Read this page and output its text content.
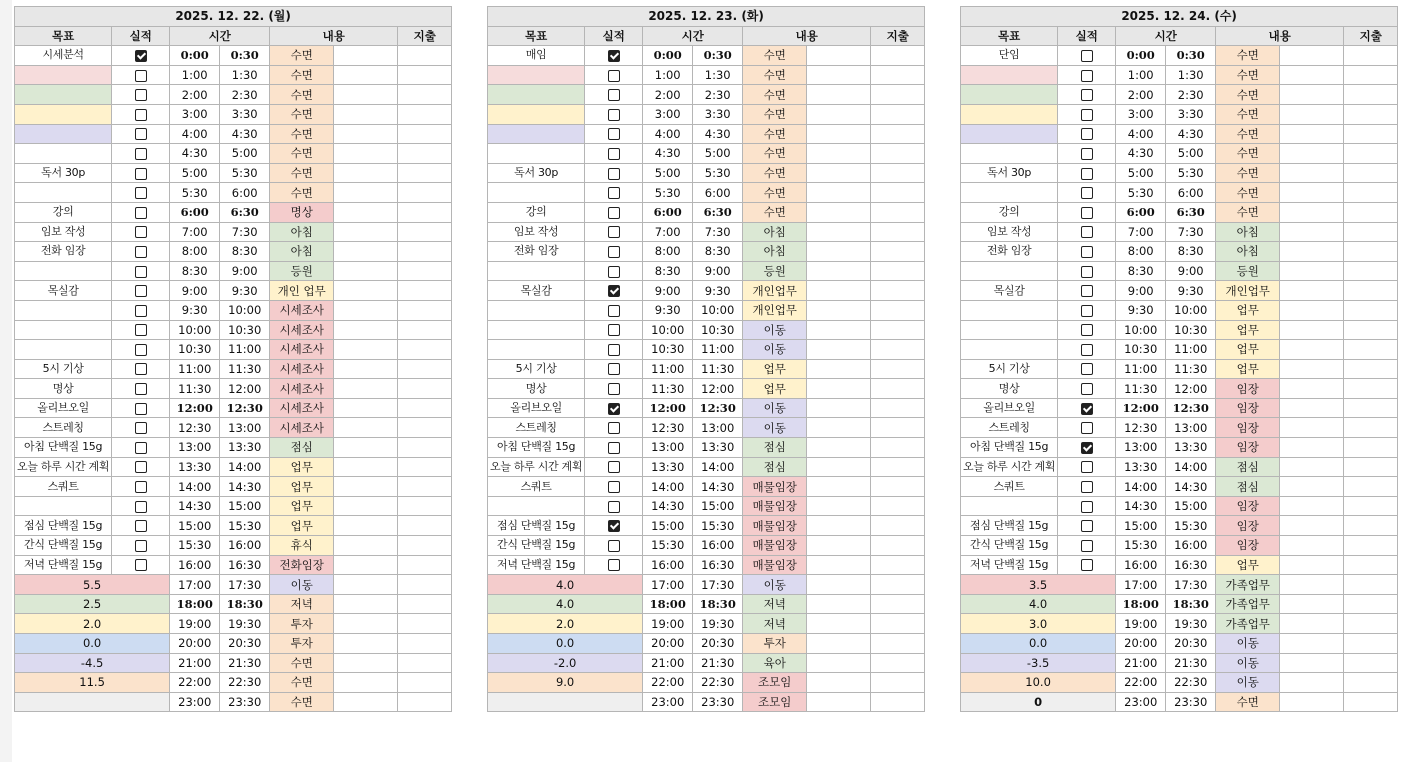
2025. 12. 22. (월)						
목표	실적	시간		내용		지출
시세분석		0:00	0:30	수면		
		1:00	1:30	수면		
		2:00	2:30	수면		
		3:00	3:30	수면		
		4:00	4:30	수면		
		4:30	5:00	수면		
독서 30p		5:00	5:30	수면		
		5:30	6:00	수면		
강의		6:00	6:30	명상		
임보 작성		7:00	7:30	아침		
전화 임장		8:00	8:30	아침		
		8:30	9:00	등원		
목실감		9:00	9:30	개인 업무		
		9:30	10:00	시세조사		
		10:00	10:30	시세조사		
		10:30	11:00	시세조사		
5시 기상		11:00	11:30	시세조사		
명상		11:30	12:00	시세조사		
올리브오일		12:00	12:30	시세조사		
스트레칭		12:30	13:00	시세조사		
아침 단백질 15g		13:00	13:30	점심		
오늘 하루 시간 계획		13:30	14:00	업무		
스쿼트		14:00	14:30	업무		
		14:30	15:00	업무		
점심 단백질 15g		15:00	15:30	업무		
간식 단백질 15g		15:30	16:00	휴식		
저녁 단백질 15g		16:00	16:30	전화임장		
5.5		17:00	17:30	이동		
2.5		18:00	18:30	저녁		
2.0		19:00	19:30	투자		
0.0		20:00	20:30	투자		
-4.5		21:00	21:30	수면		
11.5		22:00	22:30	수면		
		23:00	23:30	수면		
2025. 12. 23. (화)						
목표	실적	시간		내용		지출
매임		0:00	0:30	수면		
		1:00	1:30	수면		
		2:00	2:30	수면		
		3:00	3:30	수면		
		4:00	4:30	수면		
		4:30	5:00	수면		
독서 30p		5:00	5:30	수면		
		5:30	6:00	수면		
강의		6:00	6:30	수면		
임보 작성		7:00	7:30	아침		
전화 임장		8:00	8:30	아침		
		8:30	9:00	등원		
목실감		9:00	9:30	개인업무		
		9:30	10:00	개인업무		
		10:00	10:30	이동		
		10:30	11:00	이동		
5시 기상		11:00	11:30	업무		
명상		11:30	12:00	업무		
올리브오일		12:00	12:30	이동		
스트레칭		12:30	13:00	이동		
아침 단백질 15g		13:00	13:30	점심		
오늘 하루 시간 계획		13:30	14:00	점심		
스쿼트		14:00	14:30	매물임장		
		14:30	15:00	매물임장		
점심 단백질 15g		15:00	15:30	매물임장		
간식 단백질 15g		15:30	16:00	매물임장		
저녁 단백질 15g		16:00	16:30	매물임장		
4.0		17:00	17:30	이동		
4.0		18:00	18:30	저녁		
2.0		19:00	19:30	저녁		
0.0		20:00	20:30	투자		
-2.0		21:00	21:30	육아		
9.0		22:00	22:30	조모임		
		23:00	23:30	조모임		
2025. 12. 24. (수)						
목표	실적	시간		내용		지출
단임		0:00	0:30	수면		
		1:00	1:30	수면		
		2:00	2:30	수면		
		3:00	3:30	수면		
		4:00	4:30	수면		
		4:30	5:00	수면		
독서 30p		5:00	5:30	수면		
		5:30	6:00	수면		
강의		6:00	6:30	수면		
임보 작성		7:00	7:30	아침		
전화 임장		8:00	8:30	아침		
		8:30	9:00	등원		
목실감		9:00	9:30	개인업무		
		9:30	10:00	업무		
		10:00	10:30	업무		
		10:30	11:00	업무		
5시 기상		11:00	11:30	업무		
명상		11:30	12:00	임장		
올리브오일		12:00	12:30	임장		
스트레칭		12:30	13:00	임장		
아침 단백질 15g		13:00	13:30	임장		
오늘 하루 시간 계획		13:30	14:00	점심		
스쿼트		14:00	14:30	점심		
		14:30	15:00	임장		
점심 단백질 15g		15:00	15:30	임장		
간식 단백질 15g		15:30	16:00	임장		
저녁 단백질 15g		16:00	16:30	업무		
3.5		17:00	17:30	가족업무		
4.0		18:00	18:30	가족업무		
3.0		19:00	19:30	가족업무		
0.0		20:00	20:30	이동		
-3.5		21:00	21:30	이동		
10.0		22:00	22:30	이동		
0		23:00	23:30	수면		
